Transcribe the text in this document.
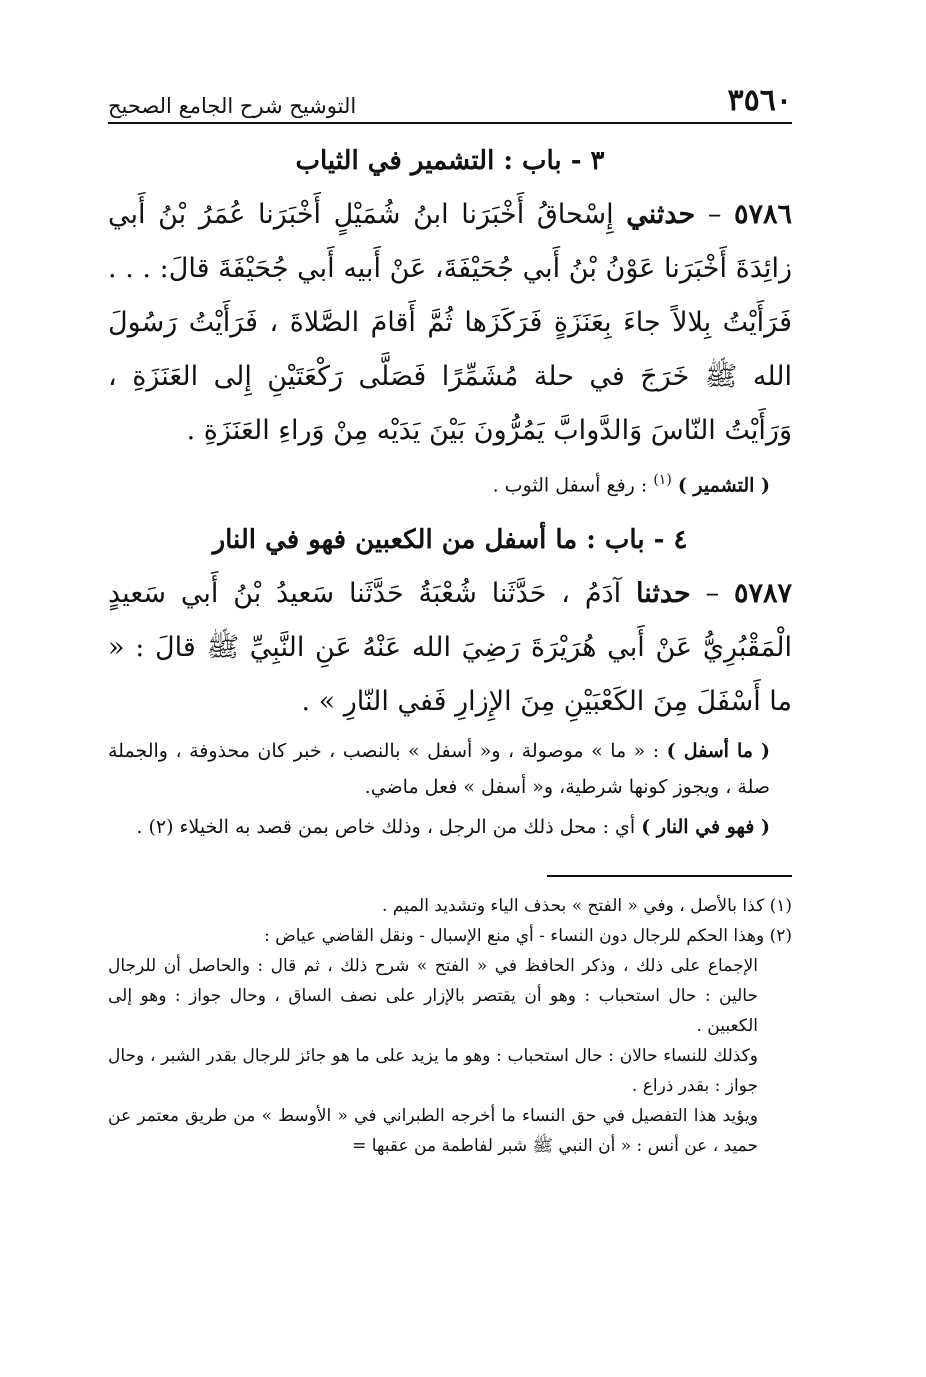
٣٥٦٠
التوشيح شرح الجامع الصحيح
٣ - باب : التشمير في الثياب

٥٧٨٦ – حدثني إِسْحاقُ أَخْبَرَنا ابنُ شُمَيْلٍ أَخْبَرَنا عُمَرُ بْنُ أَبي زائِدَةَ أَخْبَرَنا عَوْنُ بْنُ أَبي جُحَيْفَةَ، عَنْ أَبيه أَبي جُحَيْفَةَ قالَ: . . . فَرَأَيْتُ بِلالاً جاءَ بِعَنَزَةٍ فَرَكَزَها ثُمَّ أَقامَ الصَّلاةَ ، فَرَأَيْتُ رَسُولَ الله ﷺ خَرَجَ في حلة مُشَمِّرًا فَصَلَّى رَكْعَتَيْنِ إِلى العَنَزَةِ ، وَرَأَيْتُ النّاسَ وَالدَّوابَّ يَمُرُّونَ بَيْنَ يَدَيْه مِنْ وَراءِ العَنَزَةِ .

( التشمير ) $^{(١)}$ : رفع أسفل الثوب .

٤ - باب : ما أسفل من الكعبين فهو في النار

٥٧٨٧ – حدثنا آدَمُ ، حَدَّثَنا شُعْبَةُ حَدَّثَنا سَعيدُ بْنُ أَبي سَعيدٍ الْمَقْبُرِيُّ عَنْ أَبي هُرَيْرَةَ رَضِيَ الله عَنْهُ عَنِ النَّبِيِّ ﷺ قالَ : « ما أَسْفَلَ مِنَ الكَعْبَيْنِ مِنَ الإِزارِ فَفي النّارِ » .

( ما أسفل ) : « ما » موصولة ، و« أسفل » بالنصب ، خبر كان محذوفة ، والجملة صلة ، ويجوز كونها شرطية، و« أسفل » فعل ماضي.

( فهو في النار ) أي : محل ذلك من الرجل ، وذلك خاص بمن قصد به الخيلاء (٢) .

(١) كذا بالأصل ، وفي « الفتح » بحذف الياء وتشديد الميم .

(٢) وهذا الحكم للرجال دون النساء - أي منع الإسبال - ونقل القاضي عياض :

الإجماع على ذلك ، وذكر الحافظ في « الفتح » شرح ذلك ، ثم قال : والحاصل أن للرجال حالين : حال استحباب : وهو أن يقتصر بالإزار على نصف الساق ، وحال جواز : وهو إلى الكعبين .

وكذلك للنساء حالان : حال استحباب : وهو ما يزيد على ما هو جائز للرجال بقدر الشبر ، وحال جواز : بقدر ذراع .

ويؤيد هذا التفصيل في حق النساء ما أخرجه الطبراني في « الأوسط » من طريق معتمر عن حميد ، عن أنس : « أن النبي ﷺ شبر لفاطمة من عقبها =
